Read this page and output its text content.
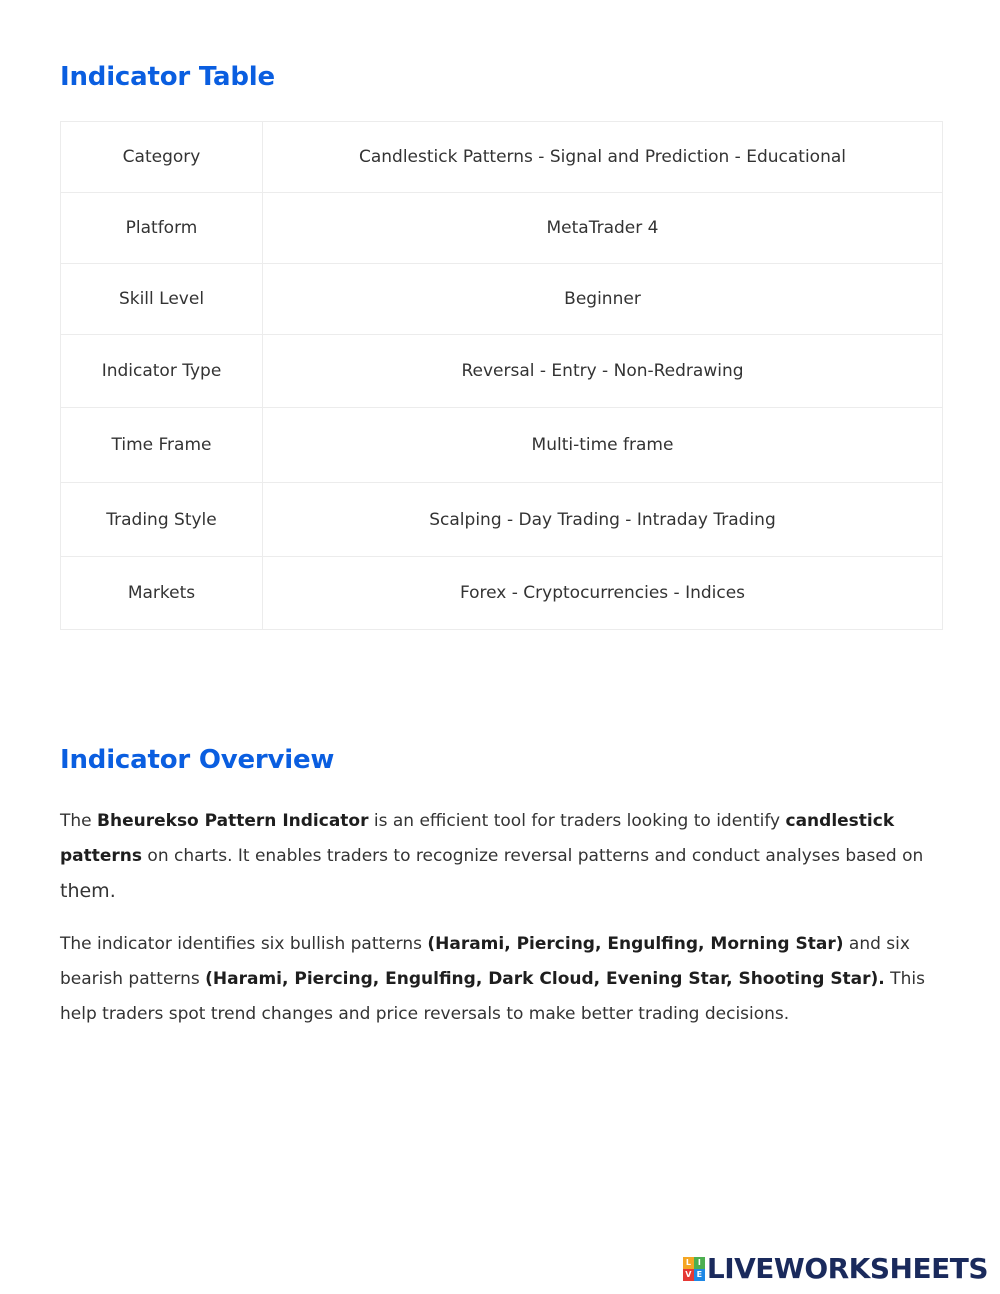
Indicator Table
Category	Candlestick Patterns - Signal and Prediction - Educational
Platform	MetaTrader 4
Skill Level	Beginner
Indicator Type	Reversal - Entry - Non-Redrawing
Time Frame	Multi-time frame
Trading Style	Scalping - Day Trading - Intraday Trading
Markets	Forex - Cryptocurrencies - Indices
Indicator Overview

The Bheurekso Pattern Indicator is an efficient tool for traders looking to identify candlestick patterns on charts. It enables traders to recognize reversal patterns and conduct analyses based on them.

The indicator identifies six bullish patterns (Harami, Piercing, Engulfing, Morning Star) and six bearish patterns (Harami, Piercing, Engulfing, Dark Cloud, Evening Star, Shooting Star). This help traders spot trend changes and price reversals to make better trading decisions.

L I
V E LIVEWORKSHEETS
